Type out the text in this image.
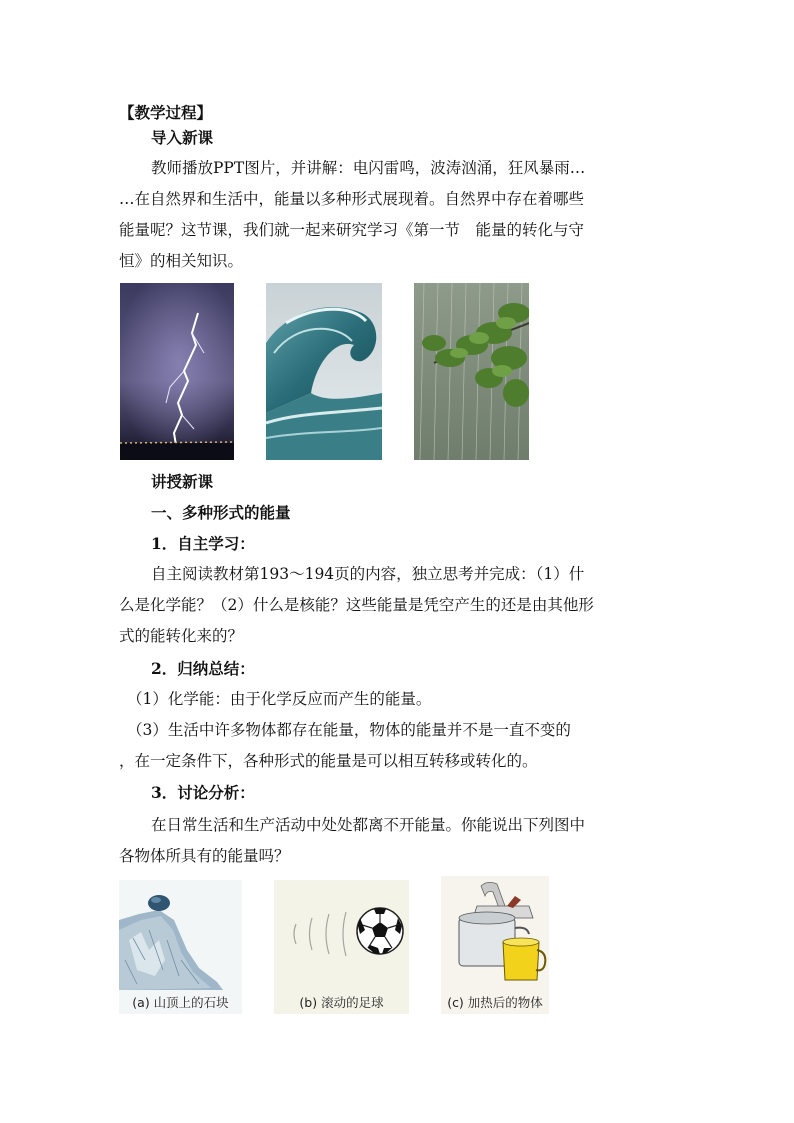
【教学过程】

导入新课

教师播放PPT图片，并讲解：电闪雷鸣，波涛汹涌，狂风暴雨…

…在自然界和生活中，能量以多种形式展现着。自然界中存在着哪些

能量呢？这节课，我们就一起来研究学习《第一节　能量的转化与守

恒》的相关知识。

讲授新课

一、多种形式的能量

1．自主学习：

自主阅读教材第193～194页的内容，独立思考并完成：（1）什

么是化学能？（2）什么是核能？这些能量是凭空产生的还是由其他形

式的能转化来的？

2．归纳总结：

（1）化学能：由于化学反应而产生的能量。

（3）生活中许多物体都存在能量，物体的能量并不是一直不变的

，在一定条件下，各种形式的能量是可以相互转移或转化的。

3．讨论分析：

在日常生活和生产活动中处处都离不开能量。你能说出下列图中

各物体所具有的能量吗？

(a) 山顶上的石块	(b) 滚动的足球	(c) 加热后的物体
